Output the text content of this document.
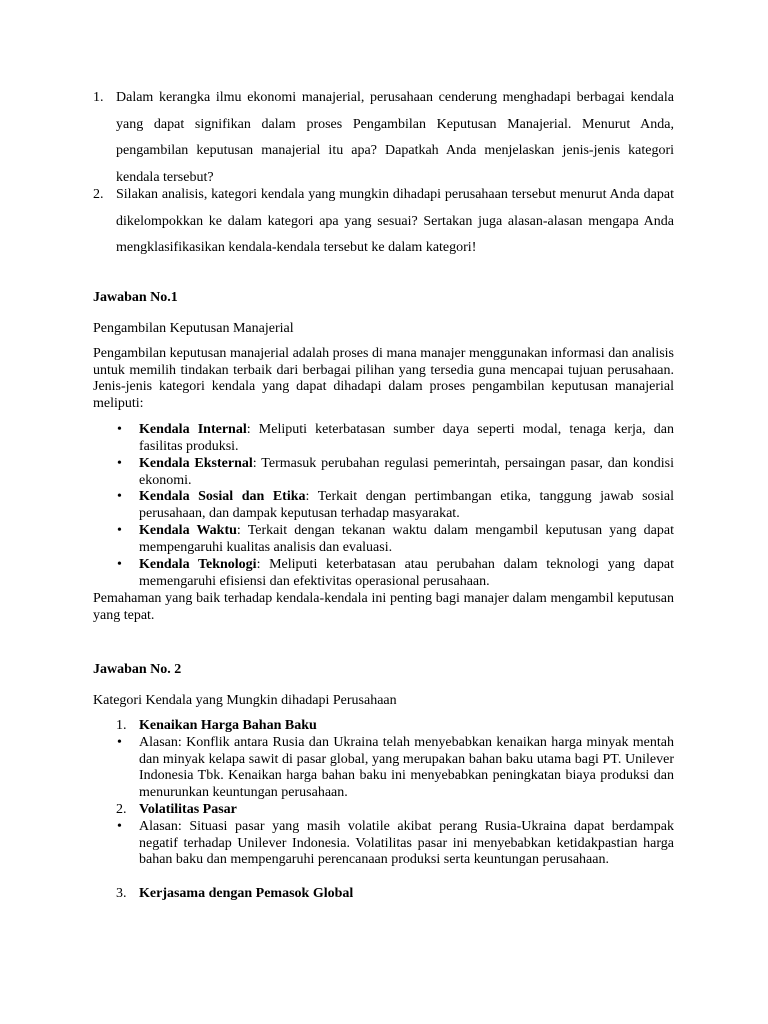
1. Dalam kerangka ilmu ekonomi manajerial, perusahaan cenderung menghadapi berbagai kendala yang dapat signifikan dalam proses Pengambilan Keputusan Manajerial. Menurut Anda, pengambilan keputusan manajerial itu apa? Dapatkah Anda menjelaskan jenis-jenis kategori kendala tersebut?
2. Silakan analisis, kategori kendala yang mungkin dihadapi perusahaan tersebut menurut Anda dapat dikelompokkan ke dalam kategori apa yang sesuai? Sertakan juga alasan-alasan mengapa Anda mengklasifikasikan kendala-kendala tersebut ke dalam kategori!
Jawaban No.1
Pengambilan Keputusan Manajerial
Pengambilan keputusan manajerial adalah proses di mana manajer menggunakan informasi dan analisis untuk memilih tindakan terbaik dari berbagai pilihan yang tersedia guna mencapai tujuan perusahaan. Jenis-jenis kategori kendala yang dapat dihadapi dalam proses pengambilan keputusan manajerial meliputi:
• Kendala Internal: Meliputi keterbatasan sumber daya seperti modal, tenaga kerja, dan fasilitas produksi.
• Kendala Eksternal: Termasuk perubahan regulasi pemerintah, persaingan pasar, dan kondisi ekonomi.
• Kendala Sosial dan Etika: Terkait dengan pertimbangan etika, tanggung jawab sosial perusahaan, dan dampak keputusan terhadap masyarakat.
• Kendala Waktu: Terkait dengan tekanan waktu dalam mengambil keputusan yang dapat mempengaruhi kualitas analisis dan evaluasi.
• Kendala Teknologi: Meliputi keterbatasan atau perubahan dalam teknologi yang dapat memengaruhi efisiensi dan efektivitas operasional perusahaan.
Pemahaman yang baik terhadap kendala-kendala ini penting bagi manajer dalam mengambil keputusan yang tepat.
Jawaban No. 2
Kategori Kendala yang Mungkin dihadapi Perusahaan
1. Kenaikan Harga Bahan Baku
• Alasan: Konflik antara Rusia dan Ukraina telah menyebabkan kenaikan harga minyak mentah dan minyak kelapa sawit di pasar global, yang merupakan bahan baku utama bagi PT. Unilever Indonesia Tbk. Kenaikan harga bahan baku ini menyebabkan peningkatan biaya produksi dan menurunkan keuntungan perusahaan.
2. Volatilitas Pasar
• Alasan: Situasi pasar yang masih volatile akibat perang Rusia-Ukraina dapat berdampak negatif terhadap Unilever Indonesia. Volatilitas pasar ini menyebabkan ketidakpastian harga bahan baku dan mempengaruhi perencanaan produksi serta keuntungan perusahaan.
3. Kerjasama dengan Pemasok Global
